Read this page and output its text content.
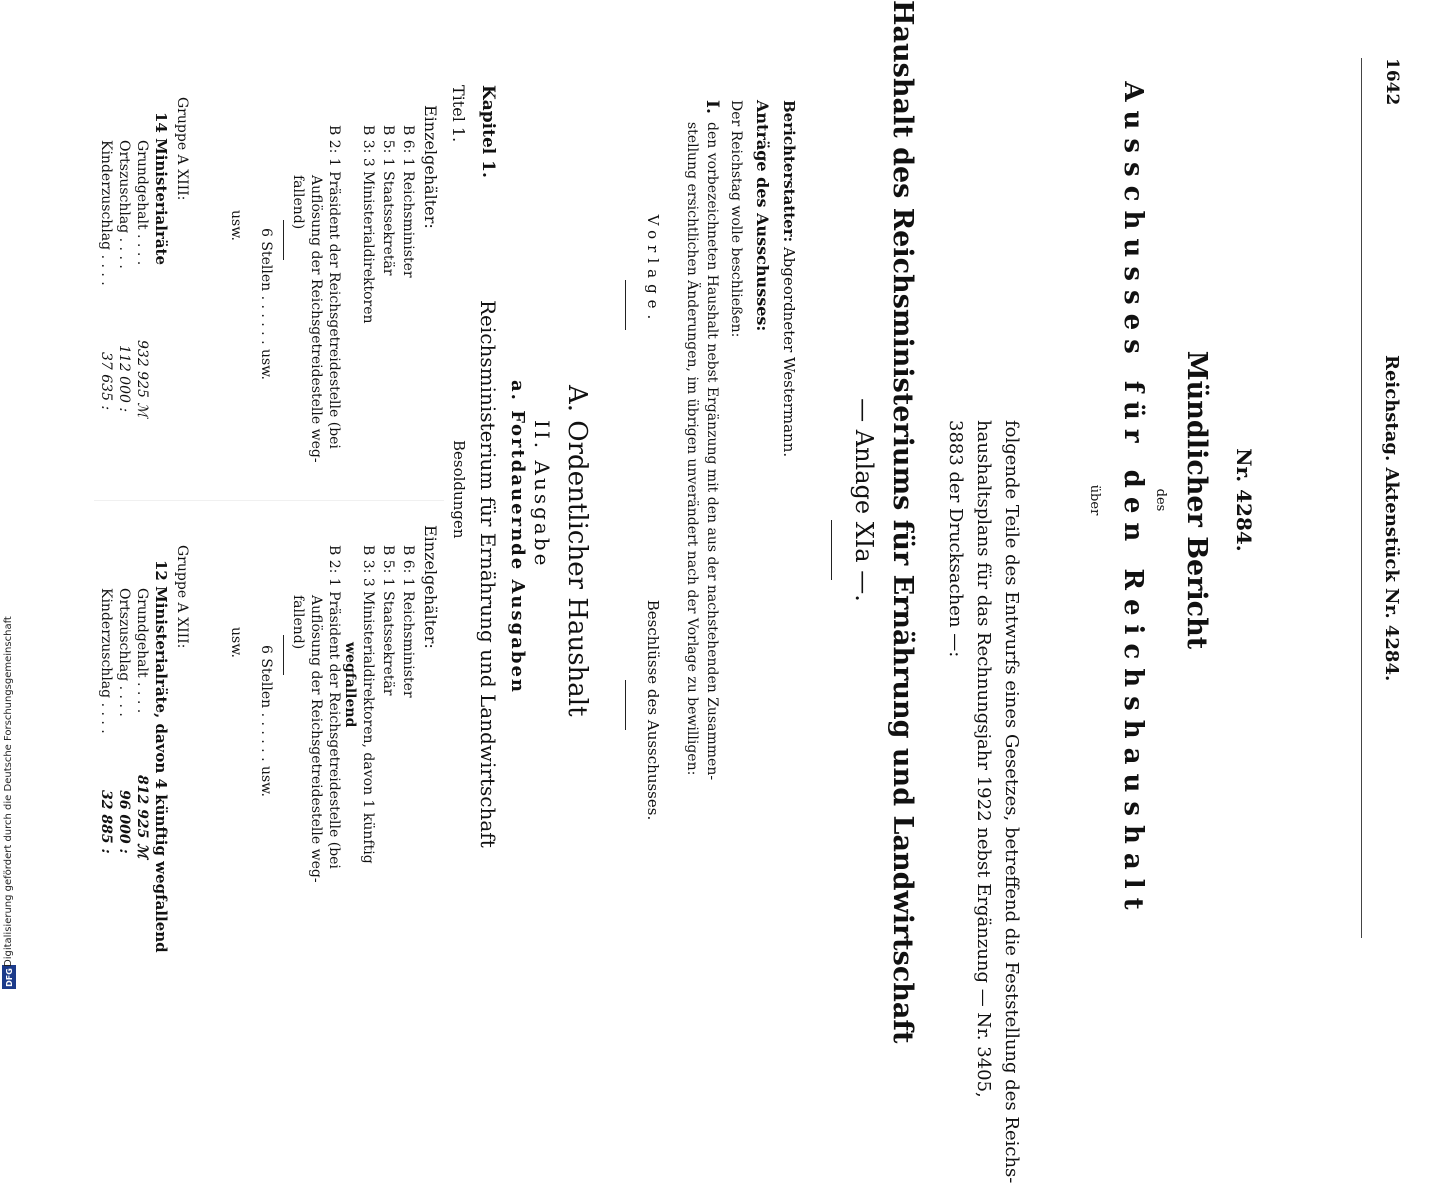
1642
Reichstag. Aktenstück Nr. 4284.
Nr. 4284.
Mündlicher Bericht
des
Ausschusses für den Reichshaushalt
über
folgende Teile des Entwurfs eines Gesetzes, betreffend die Feststellung des Reichs-
haushaltsplans für das Rechnungsjahr 1922 nebst Ergänzung — Nr. 3405,
3883 der Drucksachen —:
Haushalt des Reichsministeriums für Ernährung und Landwirtschaft
— Anlage XIa —.
Berichterstatter: Abgeordneter Westermann.
Anträge des Ausschusses:
Der Reichstag wolle beschließen:
I.
den vorbezeichneten Haushalt nebst Ergänzung mit den aus der nachstehenden Zusammen-
stellung ersichtlichen Änderungen, im übrigen unverändert nach der Vorlage zu bewilligen:
Vorlage.
Beschlüsse des Ausschusses.
A. Ordentlicher Haushalt
II. Ausgabe
a. Fortdauernde Ausgaben
Kapitel 1.
Reichsministerium für Ernährung und Landwirtschaft
Titel 1.
Besoldungen
Einzelgehälter:
B 6: 1 Reichsminister
B 5: 1 Staatssekretär
B 3: 3 Ministerialdirektoren
B 2: 1 Präsident der Reichsgetreidestelle (bei
Auflösung der Reichsgetreidestelle weg-
fallend)
6 Stellen . . . . . . usw.
usw.
Gruppe A XIII:
14 Ministerialräte
Grundgehalt . . . .
932 925 ℳ
Ortszuschlag . . . .
112 000 :
Kinderzuschlag . . . .
37 635 :
Einzelgehälter:
B 6: 1 Reichsminister
B 5: 1 Staatssekretär
B 3: 3 Ministerialdirektoren, davon 1 künftig
wegfallend
B 2: 1 Präsident der Reichsgetreidestelle (bei
Auflösung der Reichsgetreidestelle weg-
fallend)
6 Stellen . . . . . . usw.
usw.
Gruppe A XIII:
12 Ministerialräte, davon 4 künftig wegfallend
Grundgehalt . . . .
812 925 ℳ
Ortszuschlag . . . .
96 000 :
Kinderzuschlag . . . .
32 885 :
DFG
Digitalisierung gefördert durch die Deutsche Forschungsgemeinschaft
